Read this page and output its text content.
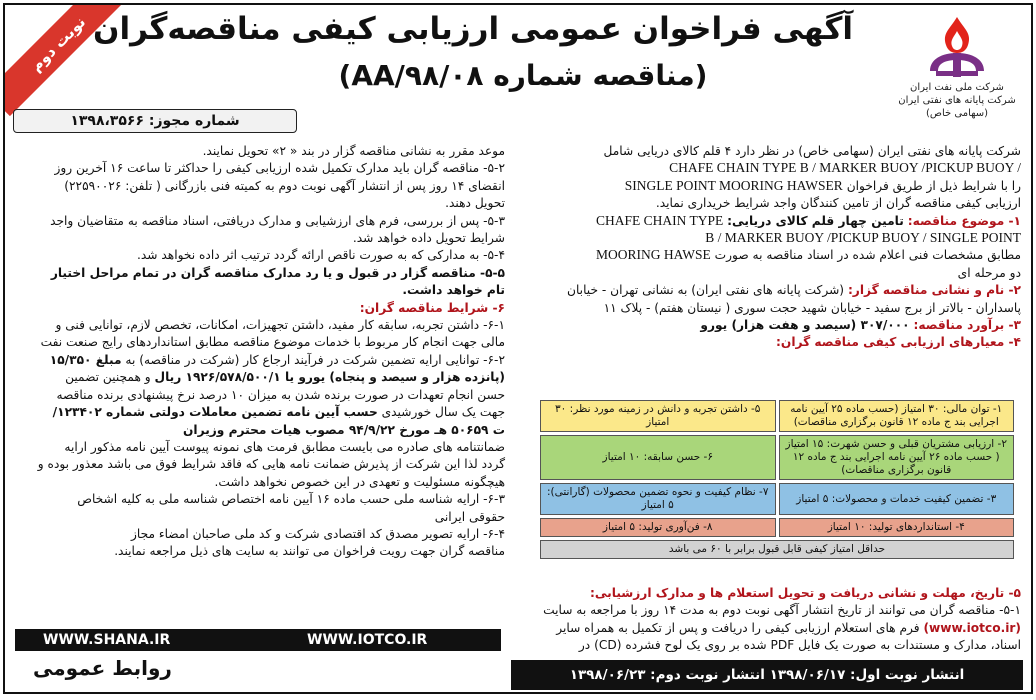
نوبت دوم
شرکت ملی نفت ایران
شرکت پایانه های نفتی ایران
(سهامی خاص)
آگهی فراخوان عمومی ارزیابی کیفی مناقصه‌گران
(مناقصه شماره ۹۸/۰۸/AA)
شماره مجوز: ۱۳۹۸،۳۵۶۶

شرکت پایانه های نفتی ایران (سهامی خاص) در نظر دارد ۴ قلم کالای دریایی شامل

CHAFE CHAIN TYPE B / MARKER BUOY /PICKUP BUOY /

را با شرایط ذیل از طریق فراخوان SINGLE POINT MOORING HAWSER

ارزیابی کیفی مناقصه گران از تامین کنندگان واجد شرایط خریداری نماید.

۱- موضوع مناقصه: تامین چهار قلم کالای دریایی: CHAFE CHAIN TYPE

B / MARKER BUOY /PICKUP BUOY / SINGLE POINT

مطابق مشخصات فنی اعلام شده در اسناد مناقصه به صورت MOORING HAWSE

دو مرحله ای

۲- نام و نشانی مناقصه گزار: (شرکت پایانه های نفتی ایران) به نشانی تهران - خیابان

پاسداران - بالاتر از برج سفید - خیابان شهید حجت سوری ( نیستان هفتم) - پلاک ۱۱

۳- برآورد مناقصه: ۳۰۷/۰۰۰ (سیصد و هفت هزار) یورو

۴- معیارهای ارزیابی کیفی مناقصه گران:

۱- توان مالی: ۳۰ امتیاز (حسب ماده ۲۵ آیین نامه اجرایی بند ج ماده ۱۲ قانون برگزاری مناقصات)	۵- داشتن تجربه و دانش در زمینه مورد نظر: ۳۰ امتیاز
۲- ارزیابی مشتریان قبلی و حسن شهرت: ۱۵ امتیاز ( حسب ماده ۲۶ آیین نامه اجرایی بند ج ماده ۱۲ قانون برگزاری مناقصات)	۶- حسن سابقه: ۱۰ امتیاز
۳- تضمین کیفیت خدمات و محصولات: ۵ امتیاز	۷- نظام کیفیت و نحوه تضمین محصولات (گارانتی): ۵ امتیاز
۴- استانداردهای تولید: ۱۰ امتیاز	۸- فن‌آوری تولید: ۵ امتیاز
حداقل امتیاز کیفی قابل قبول برابر با ۶۰ می باشد	

۵- تاریخ، مهلت و نشانی دریافت و تحویل استعلام ها و مدارک ارزشیابی:

۵-۱- مناقصه گران می توانند از تاریخ انتشار آگهی نوبت دوم به مدت ۱۴ روز با مراجعه به سایت

(www.iotco.ir) فرم های استعلام ارزیابی کیفی را دریافت و پس از تکمیل به همراه سایر

اسناد، مدارک و مستندات به صورت یک فایل PDF شده بر روی یک لوح فشرده (CD) در

موعد مقرر به نشانی مناقصه گزار در بند « ۲» تحویل نمایند.

۵-۲- مناقصه گران باید مدارک تکمیل شده ارزیابی کیفی را حداکثر تا ساعت ۱۶ آخرین روز

انقضای ۱۴ روز پس از انتشار آگهی نوبت دوم به کمیته فنی بازرگانی ( تلفن: ۲۲۵۹۰۰۲۶)

تحویل دهند.

۵-۳- پس از بررسی، فرم های ارزشیابی و مدارک دریافتی، اسناد مناقصه به متقاضیان واجد

شرایط تحویل داده خواهد شد.

۵-۴- به مدارکی که به صورت ناقص ارائه گردد ترتیب اثر داده نخواهد شد.

۵-۵- مناقصه گزار در قبول و یا رد مدارک مناقصه گران در تمام مراحل اختیار

تام خواهد داشت.

۶- شرایط مناقصه گران:

۶-۱- داشتن تجربه، سابقه کار مفید، داشتن تجهیزات، امکانات، تخصص لازم، توانایی فنی و

مالی جهت انجام کار مربوط با خدمات موضوع مناقصه مطابق استانداردهای رایج صنعت نفت

۶-۲- توانایی ارایه تضمین شرکت در فرآیند ارجاع کار (شرکت در مناقصه) به مبلغ ۱۵/۳۵۰

(پانزده هزار و سیصد و پنجاه) یورو یا ۱۹۲۶/۵۷۸/۵۰۰/۱ ریال و همچنین تضمین

حسن انجام تعهدات در صورت برنده شدن به میزان ۱۰ درصد نرخ پیشنهادی برنده مناقصه

جهت یک سال خورشیدی حسب آیین نامه تضمین معاملات دولتی شماره ۱۲۳۴۰۲/

ت ۵۰۶۵۹ هـ مورخ ۹۴/۹/۲۲ مصوب هیات محترم وزیران

ضمانتنامه های صادره می بایست مطابق فرمت های نمونه پیوست آیین نامه مذکور ارایه

گردد لذا این شرکت از پذیرش ضمانت نامه هایی که فاقد شرایط فوق می باشد معذور بوده و

هیچگونه مسئولیت و تعهدی در این خصوص نخواهد داشت.

۶-۳- ارایه شناسه ملی حسب ماده ۱۶ آیین نامه اختصاص شناسه ملی به کلیه اشخاص

حقوقی ایرانی

۶-۴- ارایه تصویر مصدق کد اقتصادی شرکت و کد ملی صاحبان امضاء مجاز

مناقصه گران جهت رویت فراخوان می توانند به سایت های ذیل مراجعه نمایند.

WWW.SHANA.IR	WWW.IOTCO.IR
روابط عمومی	انتشار نوبت اول: ۱۳۹۸/۰۶/۱۷ انتشار نوبت دوم: ۱۳۹۸/۰۶/۲۳
